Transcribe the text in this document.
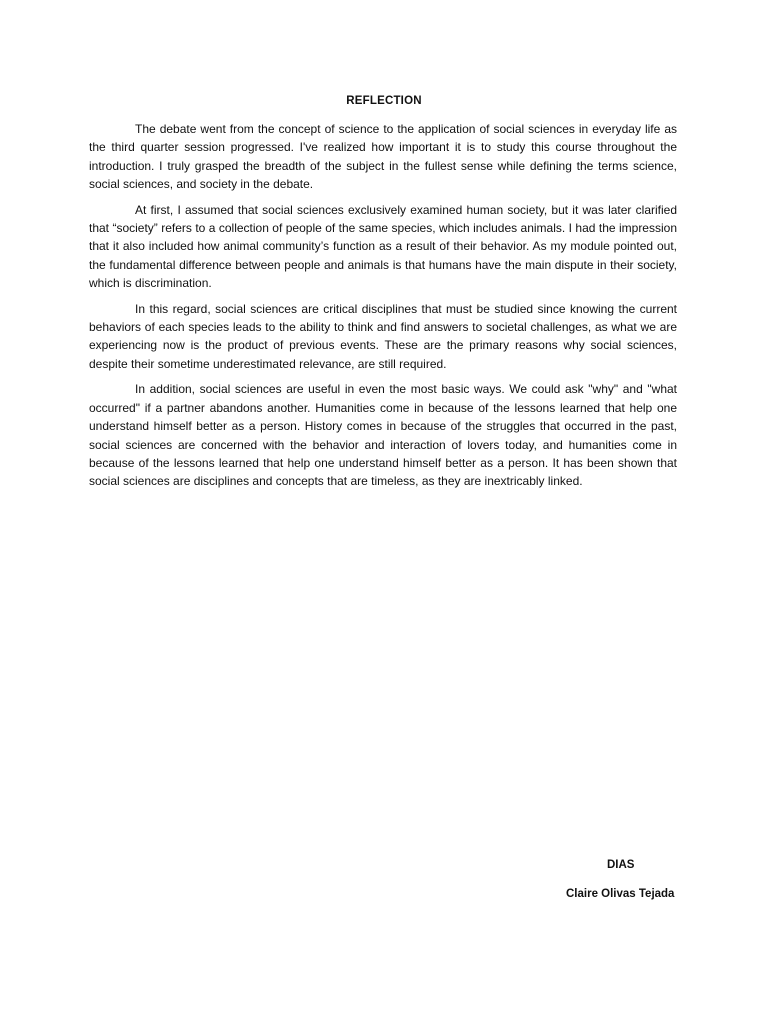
REFLECTION

The debate went from the concept of science to the application of social sciences in everyday life as the third quarter session progressed. I've realized how important it is to study this course throughout the introduction. I truly grasped the breadth of the subject in the fullest sense while defining the terms science, social sciences, and society in the debate.

At first, I assumed that social sciences exclusively examined human society, but it was later clarified that “society” refers to a collection of people of the same species, which includes animals. I had the impression that it also included how animal community’s function as a result of their behavior. As my module pointed out, the fundamental difference between people and animals is that humans have the main dispute in their society, which is discrimination.

In this regard, social sciences are critical disciplines that must be studied since knowing the current behaviors of each species leads to the ability to think and find answers to societal challenges, as what we are experiencing now is the product of previous events. These are the primary reasons why social sciences, despite their sometime underestimated relevance, are still required.

In addition, social sciences are useful in even the most basic ways. We could ask "why" and "what occurred" if a partner abandons another. Humanities come in because of the lessons learned that help one understand himself better as a person. History comes in because of the struggles that occurred in the past, social sciences are concerned with the behavior and interaction of lovers today, and humanities come in because of the lessons learned that help one understand himself better as a person. It has been shown that social sciences are disciplines and concepts that are timeless, as they are inextricably linked.

DIAS
Claire Olivas Tejada
